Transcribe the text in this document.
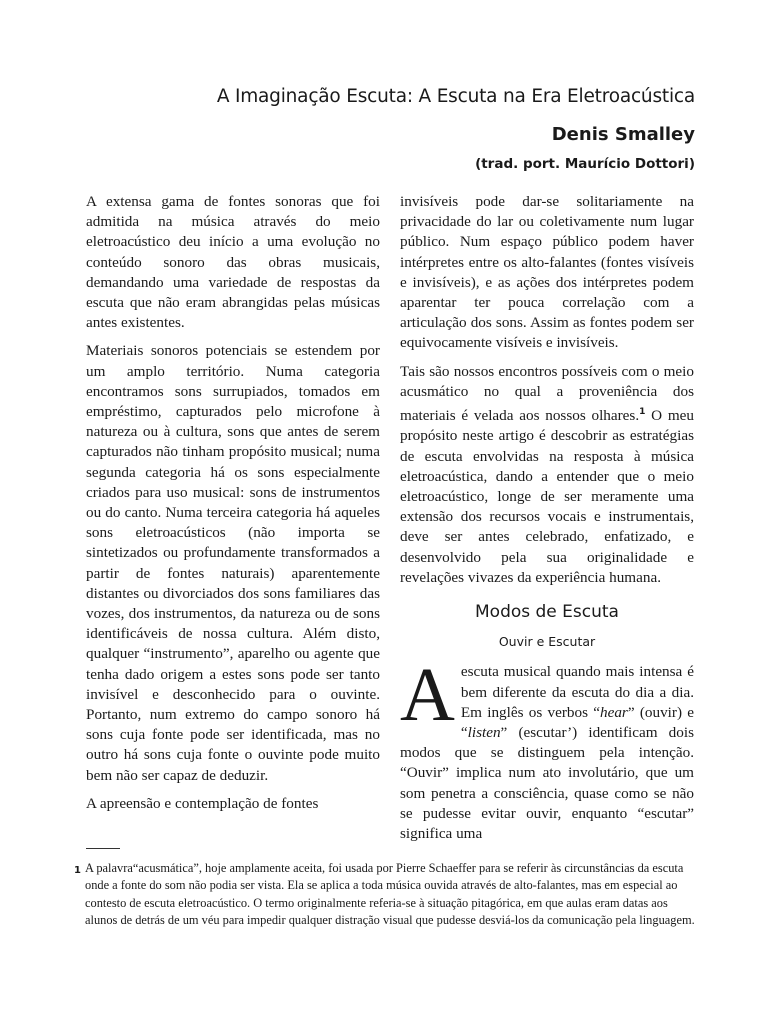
A Imaginação Escuta: A Escuta na Era Eletroacústica
Denis Smalley
(trad. port. Maurício Dottori)

A extensa gama de fontes sonoras que foi admitida na música através do meio eletroacústico deu início a uma evolução no conteúdo sonoro das obras musicais, demandando uma variedade de respostas da escuta que não eram abrangidas pelas músicas antes existentes.

Materiais sonoros potenciais se estendem por um amplo território. Numa categoria encontramos sons surrupiados, tomados em empréstimo, capturados pelo microfone à natureza ou à cultura, sons que antes de serem capturados não tinham propósito musical; numa segunda categoria há os sons especialmente criados para uso musical: sons de instrumentos ou do canto. Numa terceira categoria há aqueles sons eletroacústicos (não importa se sintetizados ou profundamente transformados a partir de fontes naturais) aparentemente distantes ou divorciados dos sons familiares das vozes, dos instrumentos, da natureza ou de sons identificáveis de nossa cultura. Além disto, qualquer “instrumento”, aparelho ou agente que tenha dado origem a estes sons pode ser tanto invisível e desconhecido para o ouvinte. Portanto, num extremo do campo sonoro há sons cuja fonte pode ser identificada, mas no outro há sons cuja fonte o ouvinte pode muito bem não ser capaz de deduzir.

A apreensão e contemplação de fontes

invisíveis pode dar-se solitariamente na privacidade do lar ou coletivamente num lugar público. Num espaço público podem haver intérpretes entre os alto-falantes (fontes visíveis e invisíveis), e as ações dos intérpretes podem aparentar ter pouca correlação com a articulação dos sons. Assim as fontes podem ser equivocamente visíveis e invisíveis.

Tais são nossos encontros possíveis com o meio acusmático no qual a proveniência dos materiais é velada aos nossos olhares.$^1$ O meu propósito neste artigo é descobrir as estratégias de escuta envolvidas na resposta à música eletroacústica, dando a entender que o meio eletroacústico, longe de ser meramente uma extensão dos recursos vocais e instrumentais, deve ser antes celebrado, enfatizado, e desenvolvido pela sua originalidade e revelações vivazes da experiência humana.

Modos de Escuta
Ouvir e Escutar

Aescuta musical quando mais intensa é bem diferente da escuta do dia a dia. Em inglês os verbos “hear” (ouvir) e “listen” (escutar’) identificam dois modos que se distinguem pela intenção. “Ouvir” implica num ato involutário, que um som penetra a consciência, quase como se não se pudesse evitar ouvir, enquanto “escutar” significa uma

1 A palavra“acusmática”, hoje amplamente aceita, foi usada por Pierre Schaeffer para se referir às circunstâncias da escuta onde a fonte do som não podia ser vista. Ela se aplica a toda música ouvida através de alto-falantes, mas em especial ao contesto de escuta eletroacústico. O termo originalmente referia-se à situação pitagórica, em que aulas eram datas aos alunos de detrás de um véu para impedir qualquer distração visual que pudesse desviá-los da comunicação pela linguagem.
